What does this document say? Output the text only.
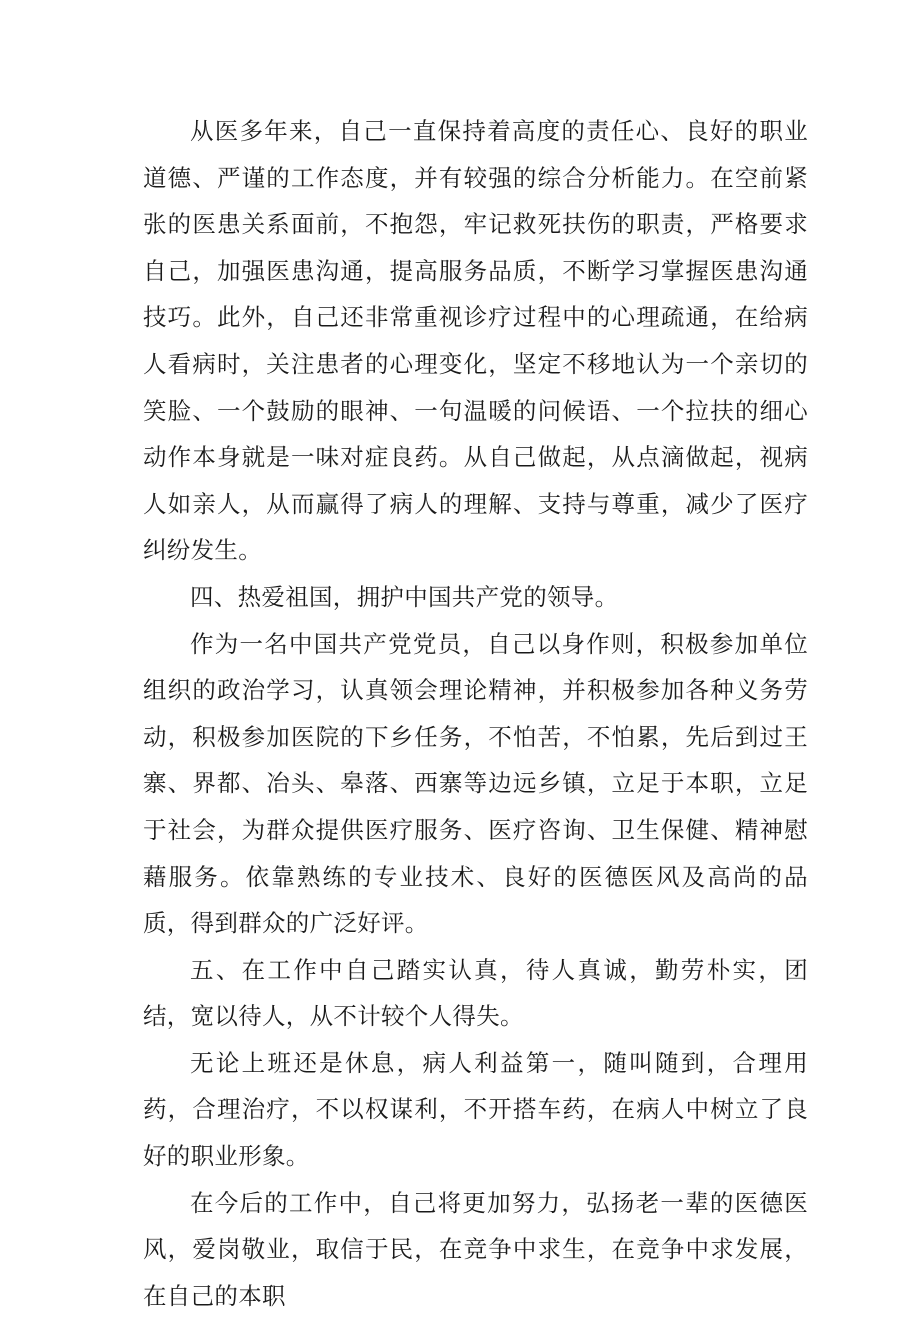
从医多年来，自己一直保持着高度的责任心、良好的职业道德、严谨的工作态度，并有较强的综合分析能力。在空前紧张的医患关系面前，不抱怨，牢记救死扶伤的职责，严格要求自己，加强医患沟通，提高服务品质，不断学习掌握医患沟通技巧。此外，自己还非常重视诊疗过程中的心理疏通，在给病人看病时，关注患者的心理变化，坚定不移地认为一个亲切的笑脸、一个鼓励的眼神、一句温暖的问候语、一个拉扶的细心动作本身就是一味对症良药。从自己做起，从点滴做起，视病人如亲人，从而赢得了病人的理解、支持与尊重，减少了医疗纠纷发生。

四、热爱祖国，拥护中国共产党的领导。

作为一名中国共产党党员，自己以身作则，积极参加单位组织的政治学习，认真领会理论精神，并积极参加各种义务劳动，积极参加医院的下乡任务，不怕苦，不怕累，先后到过王寨、界都、冶头、皋落、西寨等边远乡镇，立足于本职，立足于社会，为群众提供医疗服务、医疗咨询、卫生保健、精神慰藉服务。依靠熟练的专业技术、良好的医德医风及高尚的品质，得到群众的广泛好评。

五、在工作中自己踏实认真，待人真诚，勤劳朴实，团结，宽以待人，从不计较个人得失。

无论上班还是休息，病人利益第一，随叫随到，合理用药，合理治疗，不以权谋利，不开搭车药，在病人中树立了良好的职业形象。

在今后的工作中，自己将更加努力，弘扬老一辈的医德医风，爱岗敬业，取信于民，在竞争中求生，在竞争中求发展，在自己的本职
